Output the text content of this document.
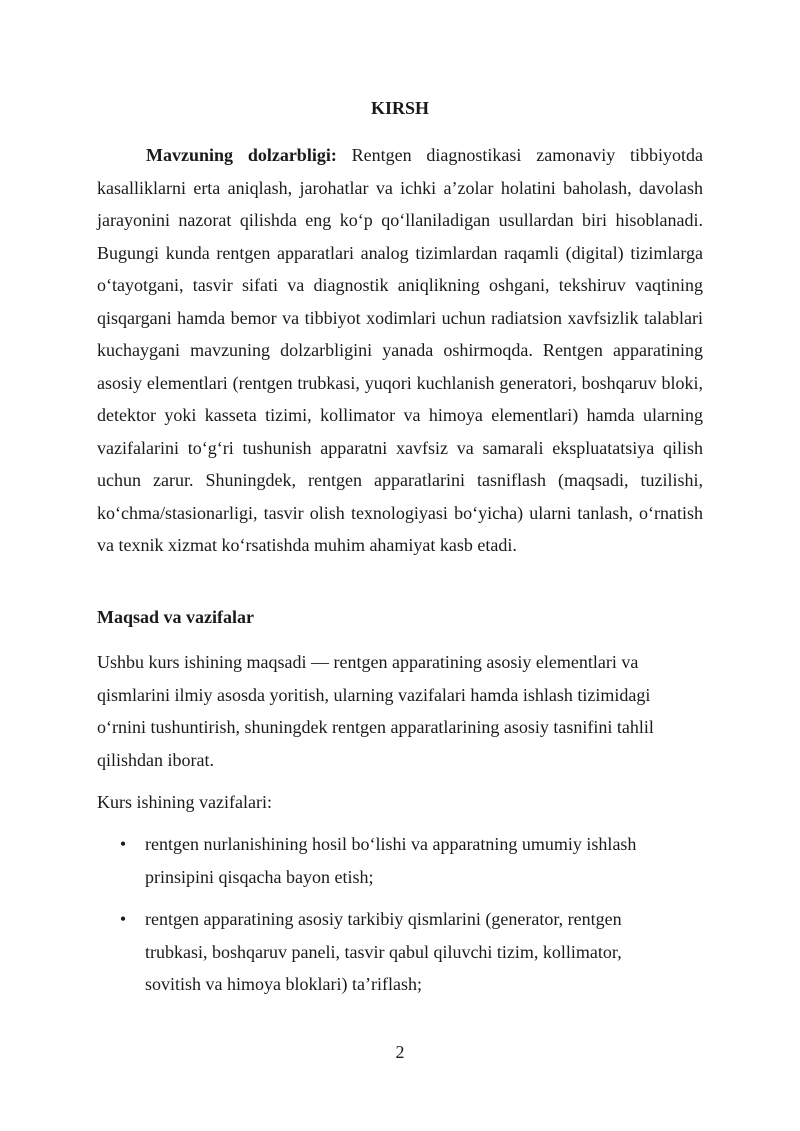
KIRSH

Mavzuning dolzarbligi: Rentgen diagnostikasi zamonaviy tibbiyotda kasalliklarni erta aniqlash, jarohatlar va ichki a’zolar holatini baholash, davolash jarayonini nazorat qilishda eng ko‘p qo‘llaniladigan usullardan biri hisoblanadi. Bugungi kunda rentgen apparatlari analog tizimlardan raqamli (digital) tizimlarga o‘tayotgani, tasvir sifati va diagnostik aniqlikning oshgani, tekshiruv vaqtining qisqargani hamda bemor va tibbiyot xodimlari uchun radiatsion xavfsizlik talablari kuchaygani mavzuning dolzarbligini yanada oshirmoqda. Rentgen apparatining asosiy elementlari (rentgen trubkasi, yuqori kuchlanish generatori, boshqaruv bloki, detektor yoki kasseta tizimi, kollimator va himoya elementlari) hamda ularning vazifalarini to‘g‘ri tushunish apparatni xavfsiz va samarali ekspluatatsiya qilish uchun zarur. Shuningdek, rentgen apparatlarini tasniflash (maqsadi, tuzilishi, ko‘chma/stasionarligi, tasvir olish texnologiyasi bo‘yicha) ularni tanlash, o‘rnatish va texnik xizmat ko‘rsatishda muhim ahamiyat kasb etadi.

Maqsad va vazifalar

Ushbu kurs ishining maqsadi — rentgen apparatining asosiy elementlari va qismlarini ilmiy asosda yoritish, ularning vazifalari hamda ishlash tizimidagi o‘rnini tushuntirish, shuningdek rentgen apparatlarining asosiy tasnifini tahlil qilishdan iborat.

Kurs ishining vazifalari:

• rentgen nurlanishining hosil bo‘lishi va apparatning umumiy ishlash prinsipini qisqacha bayon etish;
• rentgen apparatining asosiy tarkibiy qismlarini (generator, rentgen trubkasi, boshqaruv paneli, tasvir qabul qiluvchi tizim, kollimator, sovitish va himoya bloklari) ta’riflash;

2
